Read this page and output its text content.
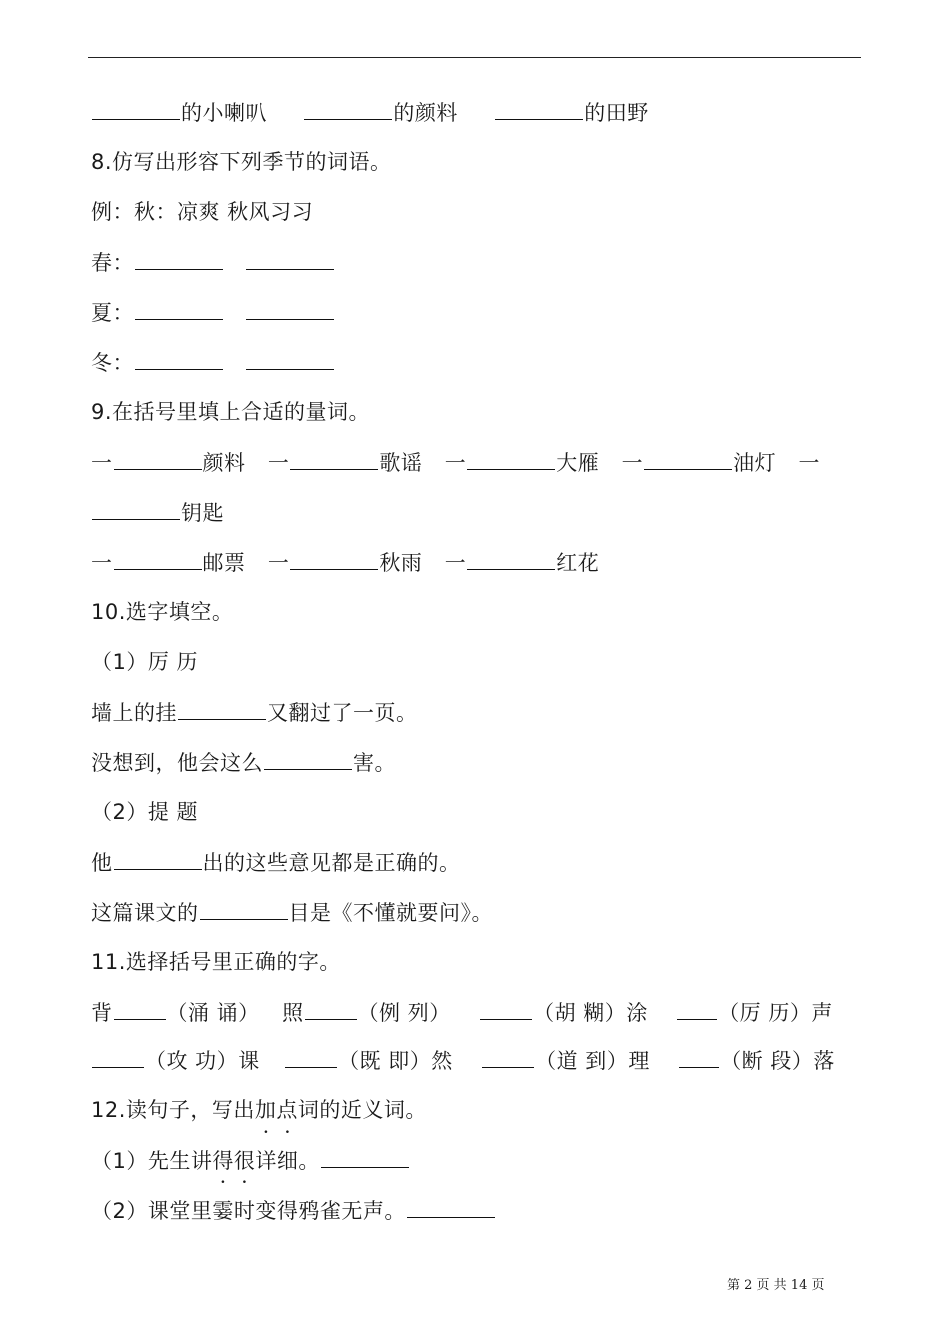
的小喇叭	的颜料	的田野
8.仿写出形容下列季节的词语。
例：秋：凉爽 秋风习习
春：
夏：
冬：
9.在括号里填上合适的量词。
一	颜料 一	歌谣 一	大雁 一	油灯 一
钥匙
一	邮票 一	秋雨 一	红花
10.选字填空。
（1）厉 历
墙上的挂	又翻过了一页。
没想到，他会这么	害。
（2）提 题
他	出的这些意见都是正确的。
这篇课文的	目是《不懂就要问》。
11.选择括号里正确的字。
背	（涌 诵） 照	（例 列）	（胡 糊）涂	（厉 历）声
（攻 功）课	（既 即）然	（道 到）理	（断 段）落
12.读句子，写出加点词的近义词。
（1）先生讲得很详细。
（2）课堂里霎时变得鸦雀无声。
第 2 页 共 14 页
